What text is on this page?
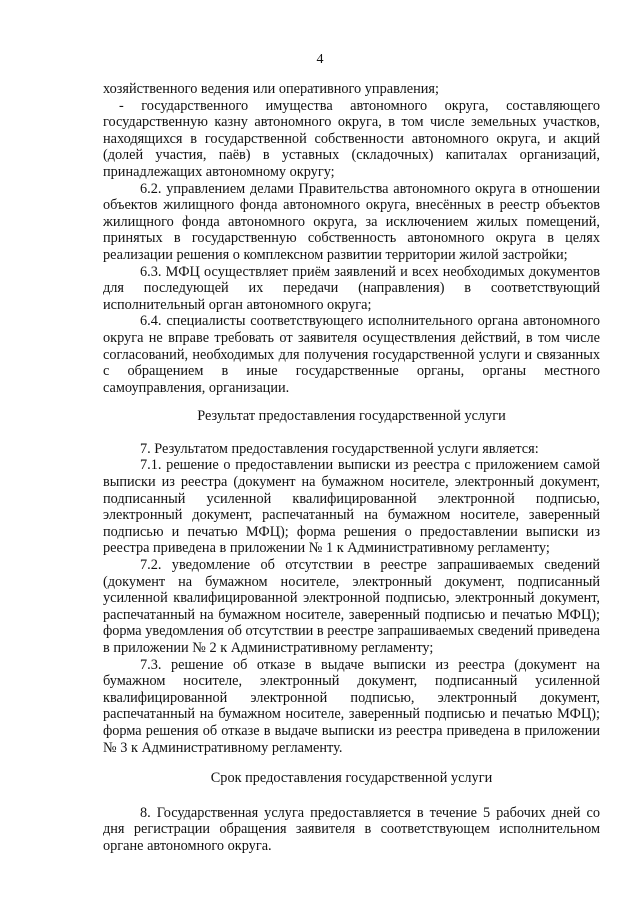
4

хозяйственного ведения или оперативного управления;

- государственного имущества автономного округа, составляющего государственную казну автономного округа, в том числе земельных участков, находящихся в государственной собственности автономного округа, и акций (долей участия, паёв) в уставных (складочных) капиталах организаций, принадлежащих автономному округу;

6.2. управлением делами Правительства автономного округа в отношении объектов жилищного фонда автономного округа, внесённых в реестр объектов жилищного фонда автономного округа, за исключением жилых помещений, принятых в государственную собственность автономного округа в целях реализации решения о комплексном развитии территории жилой застройки;

6.3. МФЦ осуществляет приём заявлений и всех необходимых документов для последующей их передачи (направления) в соответствующий исполнительный орган автономного округа;

6.4. специалисты соответствующего исполнительного органа автономного округа не вправе требовать от заявителя осуществления действий, в том числе согласований, необходимых для получения государственной услуги и связанных с обращением в иные государственные органы, органы местного самоуправления, организации.

Результат предоставления государственной услуги

7. Результатом предоставления государственной услуги является:

7.1. решение о предоставлении выписки из реестра с приложением самой выписки из реестра (документ на бумажном носителе, электронный документ, подписанный усиленной квалифицированной электронной подписью, электронный документ, распечатанный на бумажном носителе, заверенный подписью и печатью МФЦ); форма решения о предоставлении выписки из реестра приведена в приложении № 1 к Административному регламенту;

7.2. уведомление об отсутствии в реестре запрашиваемых сведений (документ на бумажном носителе, электронный документ, подписанный усиленной квалифицированной электронной подписью, электронный документ, распечатанный на бумажном носителе, заверенный подписью и печатью МФЦ); форма уведомления об отсутствии в реестре запрашиваемых сведений приведена в приложении № 2 к Административному регламенту;

7.3. решение об отказе в выдаче выписки из реестра (документ на бумажном носителе, электронный документ, подписанный усиленной квалифицированной электронной подписью, электронный документ, распечатанный на бумажном носителе, заверенный подписью и печатью МФЦ); форма решения об отказе в выдаче выписки из реестра приведена в приложении № 3 к Административному регламенту.

Срок предоставления государственной услуги

8. Государственная услуга предоставляется в течение 5 рабочих дней со дня регистрации обращения заявителя в соответствующем исполнительном органе автономного округа.
